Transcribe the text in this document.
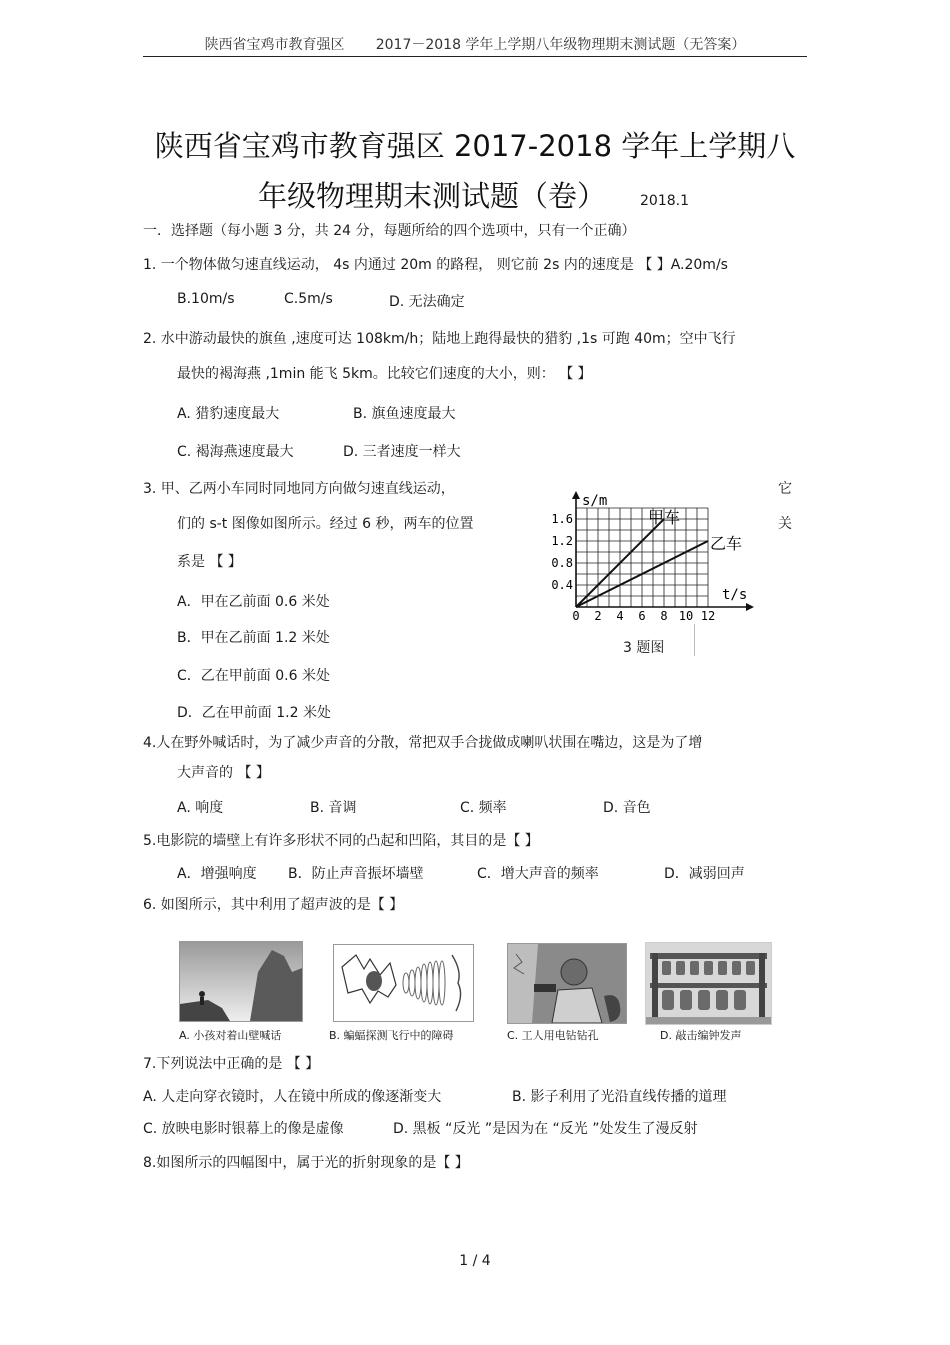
陕西省宝鸡市教育强区 2017－2018 学年上学期八年级物理期末测试题（无答案）
陕西省宝鸡市教育强区 2017-2018 学年上学期八
年级物理期末测试题（卷） 2018.1
一．选择题（每小题 3 分，共 24 分，每题所给的四个选项中，只有一个正确）
1. 一个物体做匀速直线运动， 4s 内通过 20m 的路程， 则它前 2s 内的速度是 【 】A.20m/s
B.10m/s	C.5m/s	D. 无法确定
2. 水中游动最快的旗鱼 ,速度可达 108km/h；陆地上跑得最快的猎豹 ,1s 可跑 40m；空中飞行
最快的褐海燕 ,1min 能飞 5km。比较它们速度的大小，则： 【 】
A. 猎豹速度最大	B. 旗鱼速度最大
C. 褐海燕速度最大	D. 三者速度一样大
3. 甲、乙两小车同时同地同方向做匀速直线运动，	它
们的 s-t 图像如图所示。经过 6 秒，两车的位置	关
系是 【 】
A．甲在乙前面 0.6 米处
B．甲在乙前面 1.2 米处
C．乙在甲前面 0.6 米处
D．乙在甲前面 1.2 米处
s/m
t/s
0 2 4 6 8 10 12
0.4
0.8
1.2
1.6	甲车
乙车
3 题图
4.人在野外喊话时，为了减少声音的分散，常把双手合拢做成喇叭状围在嘴边，这是为了增
大声音的 【 】
A. 响度	B. 音调	C. 频率	D. 音色
5.电影院的墙壁上有许多形状不同的凸起和凹陷，其目的是【 】
A．增强响度 B．防止声音振坏墙壁	C．增大声音的频率	D．减弱回声
6. 如图所示，其中利用了超声波的是【 】
A. 小孩对着山壁喊话	B. 蝙蝠探测飞行中的障碍	C. 工人用电钻钻孔	D. 敲击编钟发声
7.下列说法中正确的是 【 】
A. 人走向穿衣镜时，人在镜中所成的像逐渐变大	B. 影子利用了光沿直线传播的道理
C. 放映电影时银幕上的像是虚像	D. 黑板 “反光 ”是因为在 “反光 ”处发生了漫反射
8.如图所示的四幅图中，属于光的折射现象的是【 】
1 / 4
